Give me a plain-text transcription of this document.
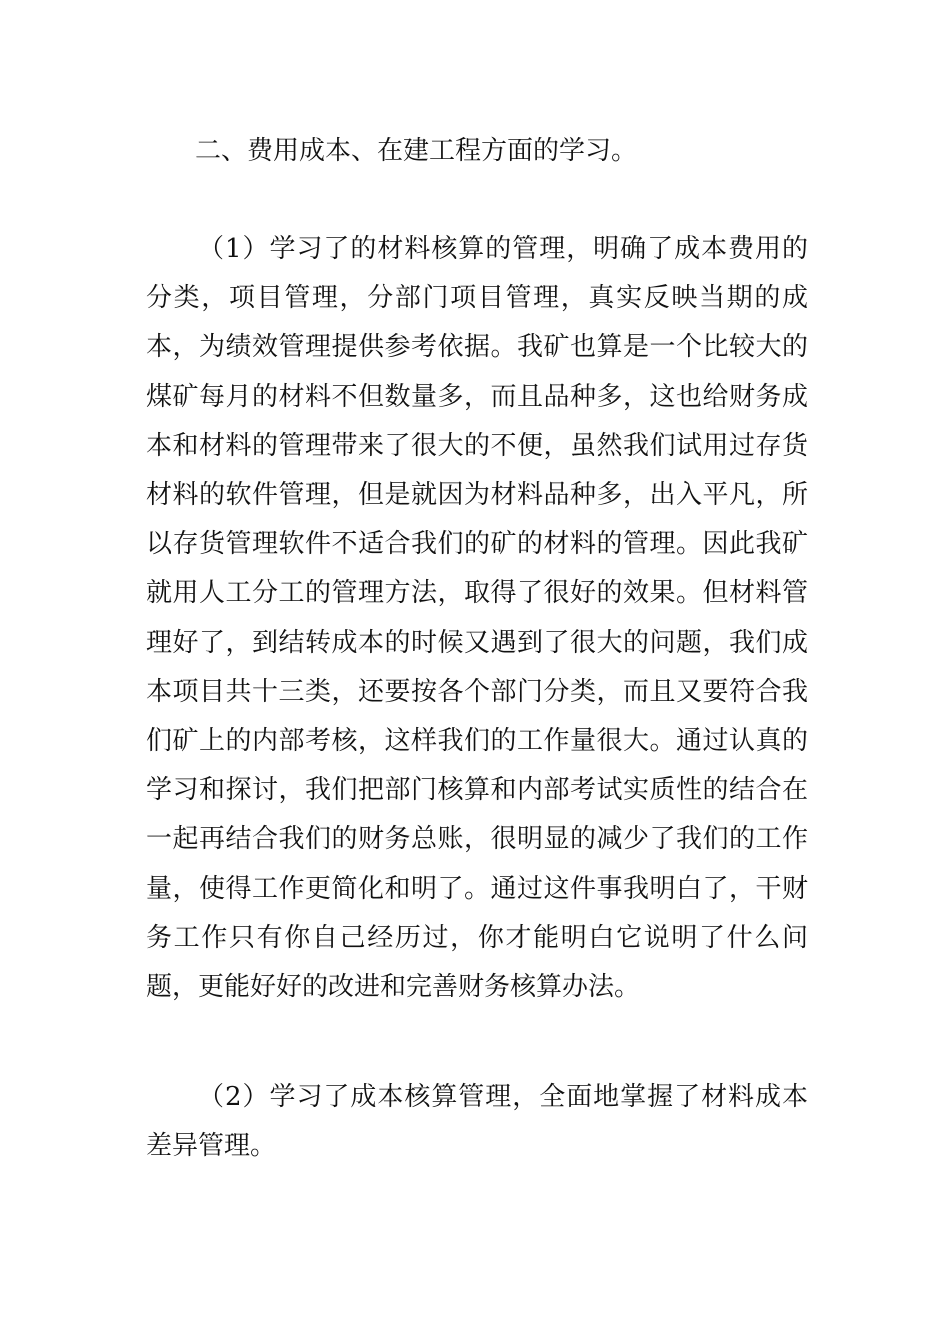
二、费用成本、在建工程方面的学习。

（1）学习了的材料核算的管理，明确了成本费用的分类，项目管理，分部门项目管理，真实反映当期的成本，为绩效管理提供参考依据。我矿也算是一个比较大的煤矿每月的材料不但数量多，而且品种多，这也给财务成本和材料的管理带来了很大的不便，虽然我们试用过存货材料的软件管理，但是就因为材料品种多，出入平凡，所以存货管理软件不适合我们的矿的材料的管理。因此我矿就用人工分工的管理方法，取得了很好的效果。但材料管理好了，到结转成本的时候又遇到了很大的问题，我们成本项目共十三类，还要按各个部门分类，而且又要符合我们矿上的内部考核，这样我们的工作量很大。通过认真的学习和探讨，我们把部门核算和内部考试实质性的结合在一起再结合我们的财务总账，很明显的减少了我们的工作量，使得工作更简化和明了。通过这件事我明白了，干财务工作只有你自己经历过，你才能明白它说明了什么问题，更能好好的改进和完善财务核算办法。

（2）学习了成本核算管理，全面地掌握了材料成本差异管理。
